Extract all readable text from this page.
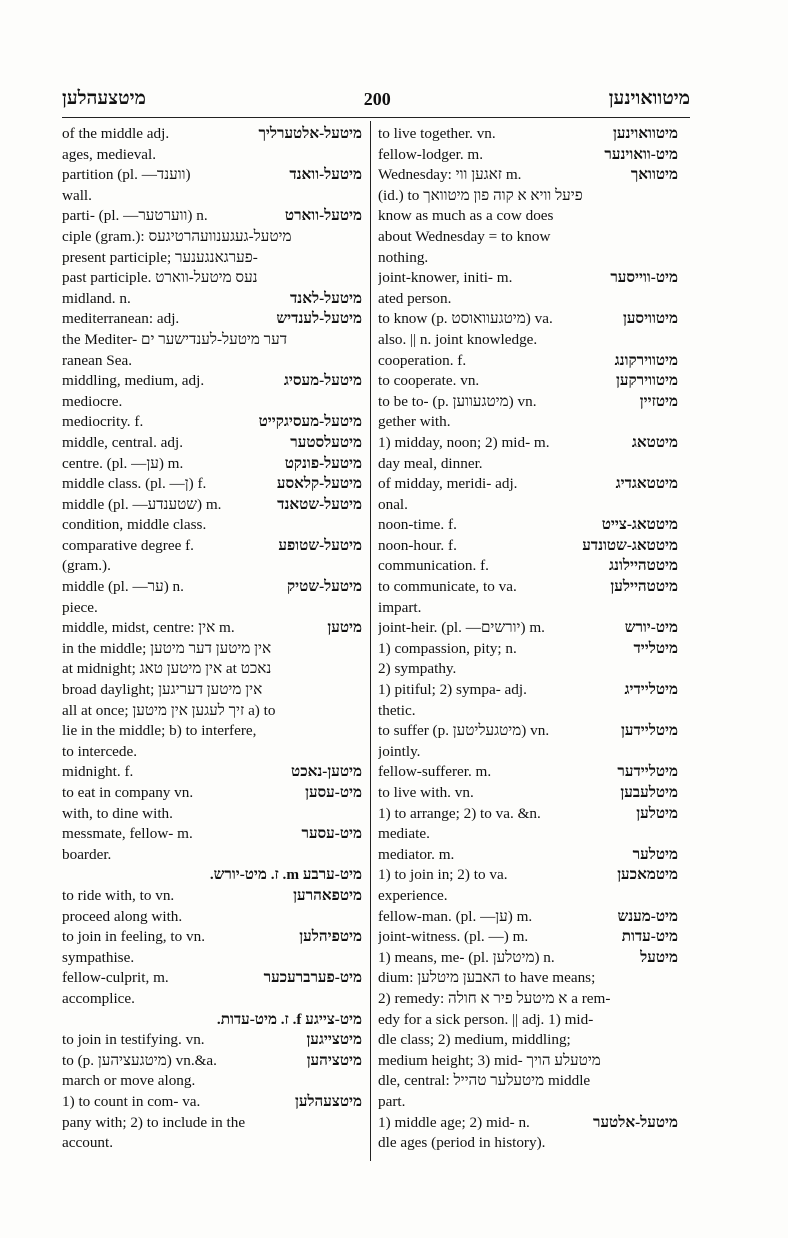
מיטצעהלען	200	מיטוואוינען
of the middle adj.	מיטעל-אלטערליך
ages, medieval.
partition (pl. —ווענד)	מיטעל-וואנד
wall.
parti- (pl. —ווערטער) n.	מיטעל-ווארט
ciple (gram.): מיטעל-געגענוועהרטיגעס
present participle; פערגאנגענער-
past participle. נעס מיטעל-ווארט
midland. n.	מיטעל-לאנד
mediterranean: adj.	מיטעל-לענדיש
the Mediter- דער מיטעל-לענדישער ים
ranean Sea.
middling, medium, adj.	מיטעל-מעסיג
mediocre.
mediocrity. f.	מיטעל-מעסיגקייט
middle, central. adj.	מיטעלסטער
centre. (pl. —ען) m.	מיטעל-פונקט
middle class. (pl. —ן) f.	מיטעל-קלאסע
middle (pl. —שטענדע) m.	מיטעל-שטאנד
condition, middle class.
comparative degree f.	מיטעל-שטופע
(gram.).
middle (pl. —ער) n.	מיטעל-שטיק
piece.
middle, midst, centre: אין m.	מיטען
in the middle; אין מיטען דער מיטען
at midnight; אין מיטען טאג at נאכט
broad daylight; אין מיטען דעריגען
all at once; זיך לעגען אין מיטען a) to
lie in the middle; b) to interfere,
to intercede.
midnight. f.	מיטען-נאכט
to eat in company vn.	מיט-עסען
with, to dine with.
messmate, fellow- m.	מיט-עסער
boarder.
מיט-ערבע m. ז. מיט-יורש.
to ride with, to vn.	מיטפאהרען
proceed along with.
to join in feeling, to vn.	מיטפיהלען
sympathise.
fellow-culprit, m.	מיט-פערברעכער
accomplice.
מיט-צייגע f. ז. מיט-עדות.
to join in testifying. vn.	מיטצייגען
to (p. מיטגעציהען) vn.&a.	מיטציהען
march or move along.
1) to count in com- va.	מיטצעהלען
pany with; 2) to include in the
account.
to live together. vn.	מיטוואוינען
fellow-lodger. m.	מיט-וואוינער
Wednesday: זאגען ווי m.	מיטוואך
(id.) to פיעל וויא א קוה פון מיטוואך
know as much as a cow does
about Wednesday = to know
nothing.
joint-knower, initi- m.	מיט-ווייסער
ated person.
to know (p. מיטגעוואוסט) va.	מיטוויסען
also. || n. joint knowledge.
cooperation. f.	מיטווירקונג
to cooperate. vn.	מיטווירקען
to be to- (p. מיטגעווען) vn.	מיטזיין
gether with.
1) midday, noon; 2) mid- m.	מיטטאג
day meal, dinner.
of midday, meridi- adj.	מיטטאגדיג
onal.
noon-time. f.	מיטטאג-צייט
noon-hour. f.	מיטטאג-שטונדע
communication. f.	מיטטהיילונג
to communicate, to va.	מיטטהיילען
impart.
joint-heir. (pl. —יורשים) m.	מיט-יורש
1) compassion, pity; n.	מיטלייד
2) sympathy.
1) pitiful; 2) sympa- adj.	מיטליידיג
thetic.
to suffer (p. מיטגעליטען) vn.	מיטליידען
jointly.
fellow-sufferer. m.	מיטליידער
to live with. vn.	מיטלעבען
1) to arrange; 2) to va. &n.	מיטלען
mediate.
mediator. m.	מיטלער
1) to join in; 2) to va.	מיטמאכען
experience.
fellow-man. (pl. —ען) m.	מיט-מענש
joint-witness. (pl. —) m.	מיט-עדות
1) means, me- (pl. מיטלען) n.	מיטעל
dium: האבען מיטלען to have means;
2) remedy: א מיטעל פיר א חולה a rem-
edy for a sick person. || adj. 1) mid-
dle class; 2) medium, middling;
medium height; 3) mid- מיטעלע הויך
dle, central: מיטעלער טהייל middle
part.
1) middle age; 2) mid- n.	מיטעל-אלטער
dle ages (period in history).
